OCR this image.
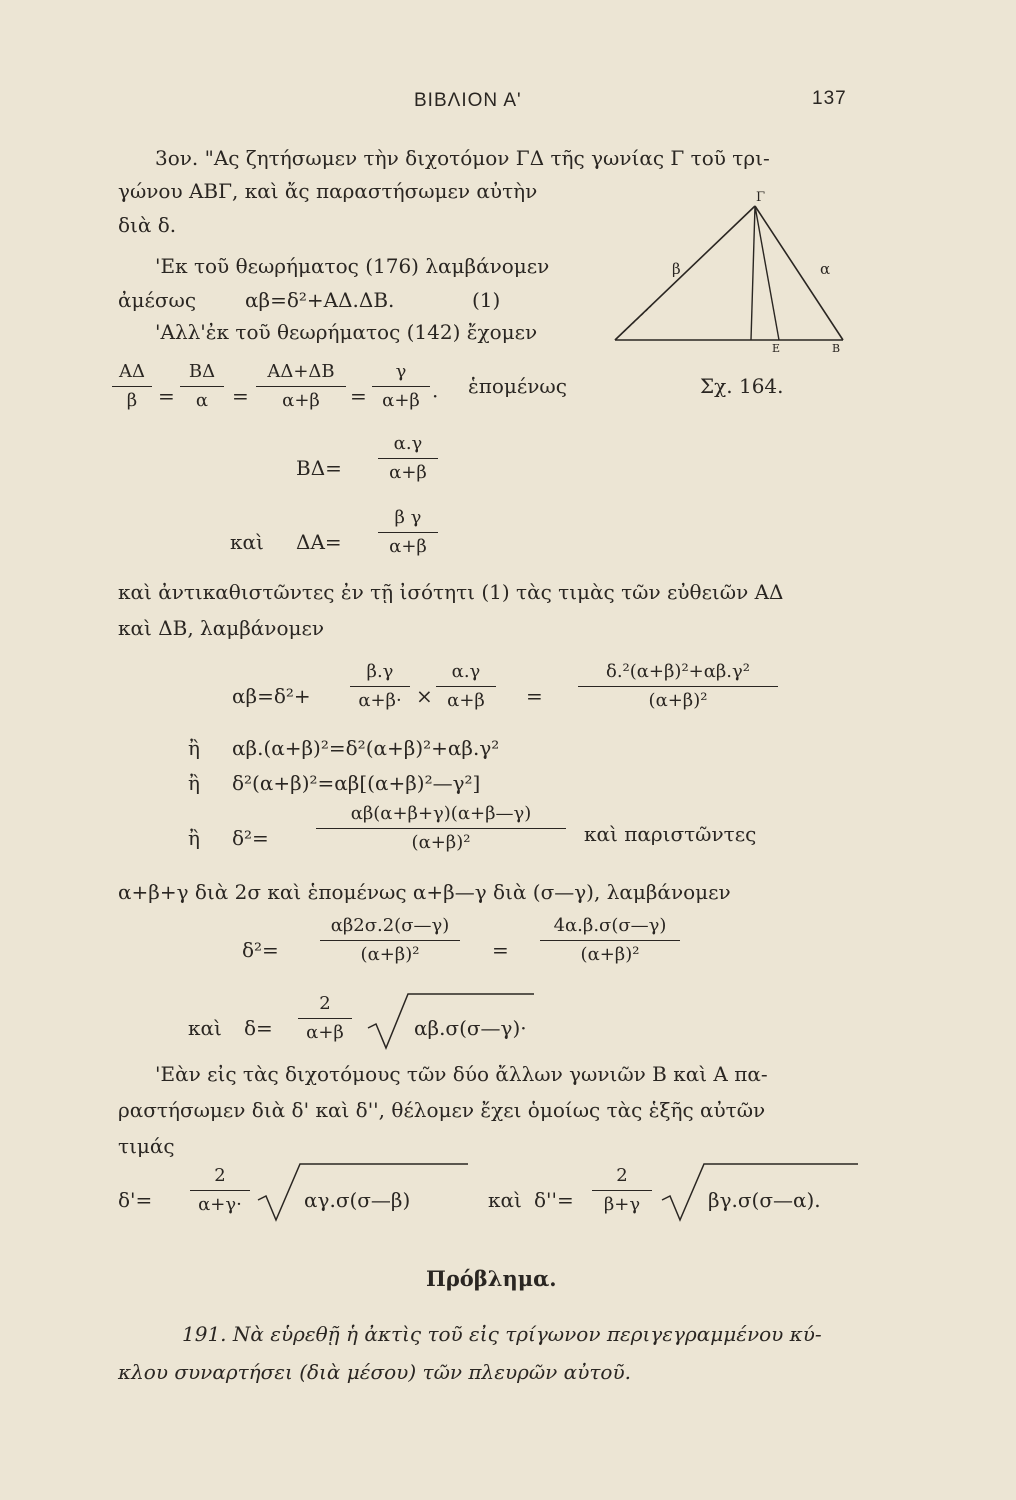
ΒΙΒΛΙΟΝ Α'	137
3ον. "Ας ζητήσωμεν τὴν διχοτόμον ΓΔ τῆς γωνίας Γ τοῦ τρι-
γώνου ΑΒΓ, καὶ ἄς παραστήσωμεν αὐτὴν
διὰ δ.
'Εκ τοῦ θεωρήματος (176) λαμβάνομεν
ἀμέσως αβ=δ²+ΑΔ.ΔΒ.	(1)
'Αλλ'ἐκ τοῦ θεωρήματος (142) ἔχομεν
Γ
β	α
Ε	Β
Σχ. 164.
ΑΔ
β	=
ΒΔ
α	=
ΑΔ+ΔΒ
α+β	=
γ
α+β · ἑπομένως
ΒΔ=
α.γ
α+β
καὶ ΔΑ=
β γ
α+β
καὶ ἀντικαθιστῶντες ἐν τῇ ἰσότητι (1) τὰς τιμὰς τῶν εὐθειῶν ΑΔ
καὶ ΔΒ, λαμβάνομεν
αβ=δ²+
β.γ
α+β· ×
α.γ
α+β	=
δ.²(α+β)²+αβ.γ²
(α+β)²
ἢ αβ.(α+β)²=δ²(α+β)²+αβ.γ²
ἢ δ²(α+β)²=αβ[(α+β)²—γ²]
ἢ δ²=
αβ(α+β+γ)(α+β—γ)
(α+β)²	καὶ παριστῶντες
α+β+γ διὰ 2σ καὶ ἑπομένως α+β—γ διὰ (σ—γ), λαμβάνομεν
δ²=
αβ2σ.2(σ—γ)
(α+β)²	=
4α.β.σ(σ—γ)
(α+β)²
καὶ δ=
2
α+β	αβ.σ(σ—γ)·
'Εὰν εἰς τὰς διχοτόμους τῶν δύο ἄλλων γωνιῶν Β καὶ Α πα-
ραστήσωμεν διὰ δ' καὶ δ'', θέλομεν ἔχει ὁμοίως τὰς ἑξῆς αὐτῶν
τιμάς
δ'=
2
α+γ·	αγ.σ(σ—β)	καὶ δ''=
2
β+γ	βγ.σ(σ—α).
Πρόβλημα.
191. Νὰ εὑρεθῇ ἡ ἀκτὶς τοῦ εἰς τρίγωνον περιγεγραμμένου κύ-
κλου συναρτήσει (διὰ μέσου) τῶν πλευρῶν αὐτοῦ.
